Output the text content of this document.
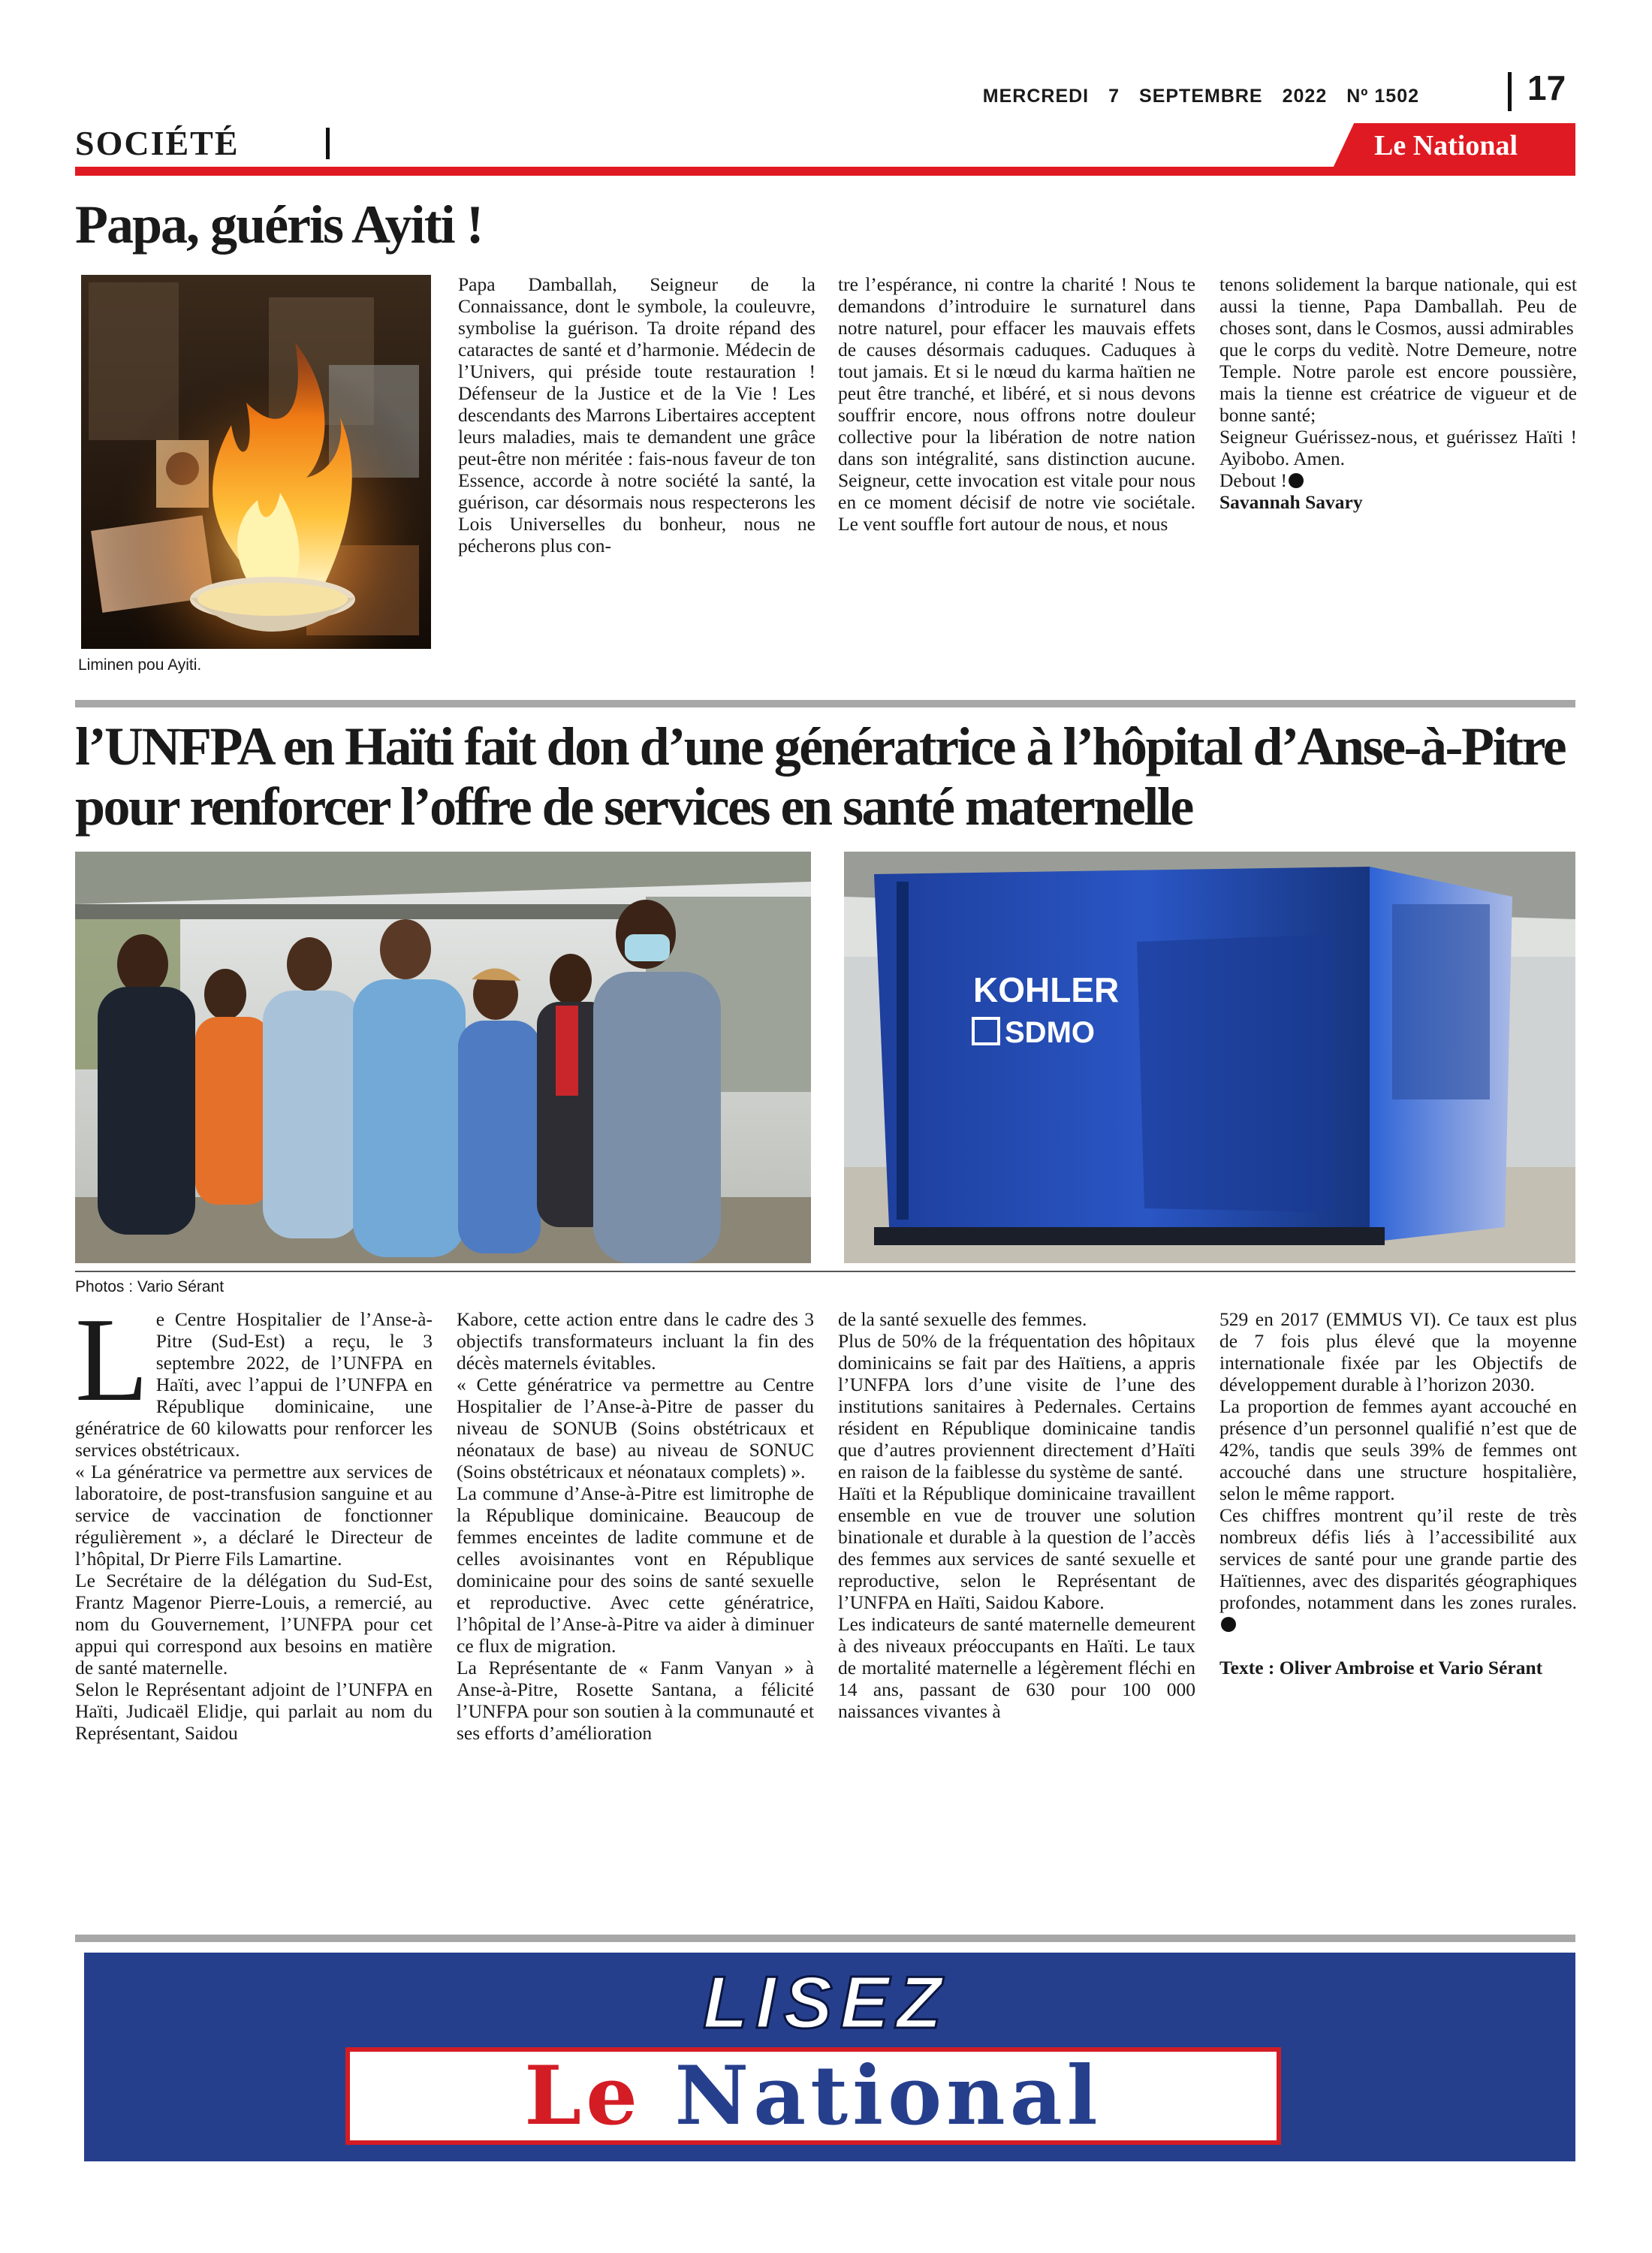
MERCREDI 7 SEPTEMBRE 2022 Nº 1502	17
SOCIÉTÉ	Le National
Papa, guéris Ayiti !
Liminen pou Ayiti.
Papa Damballah, Seigneur de la Connaissance, dont le symbole, la couleuvre, symbolise la guérison. Ta droite répand des cataractes de santé et d’harmonie. Médecin de l’Univers, qui préside toute restauration ! Défenseur de la Justice et de la Vie ! Les descendants des Marrons Libertaires acceptent leurs maladies, mais te demandent une grâce peut-être non méritée : fais-nous faveur de ton Essence, accorde à notre société la santé, la guérison, car désormais nous respecterons les Lois Universelles du bonheur, nous ne pécherons plus con-
tre l’espérance, ni contre la charité ! Nous te demandons d’introduire le surnaturel dans notre naturel, pour effacer les mauvais effets de causes désormais caduques. Caduques à tout jamais. Et si le nœud du karma haïtien ne peut être tranché, et libéré, et si nous devons souffrir encore, nous offrons notre douleur collective pour la libération de notre nation dans son intégralité, sans distinction aucune. Seigneur, cette invocation est vitale pour nous en ce moment décisif de notre vie sociétale. Le vent souffle fort autour de nous, et nous
tenons solidement la barque nationale, qui est aussi la tienne, Papa Damballah. Peu de choses sont, dans le Cosmos, aussi admirables
que le corps du veditè. Notre Demeure, notre Temple. Notre parole est encore poussière, mais la tienne est créatrice de vigueur et de bonne santé;
Seigneur Guérissez-nous, et guérissez Haïti ! Ayibobo. Amen.
Debout !
Savannah Savary
l’UNFPA en Haïti fait don d’une génératrice à l’hôpital d’Anse-à-Pitre pour renforcer l’offre de services en santé maternelle
KOHLER
SDMO
Photos : Vario Sérant
L e Centre Hospitalier de l’Anse-à-Pitre (Sud-Est) a reçu, le 3 septembre 2022, de l’UNFPA en Haïti, avec l’appui de l’UNFPA en République dominicaine, une génératrice de 60 kilowatts pour renforcer les services obstétricaux.
« La génératrice va permettre aux services de laboratoire, de post-transfusion sanguine et au service de vaccination de fonctionner régulièrement », a déclaré le Directeur de l’hôpital, Dr Pierre Fils Lamartine.
Le Secrétaire de la délégation du Sud-Est, Frantz Magenor Pierre-Louis, a remercié, au nom du Gouvernement, l’UNFPA pour cet appui qui correspond aux besoins en matière de santé maternelle.
Selon le Représentant adjoint de l’UNFPA en Haïti, Judicaël Elidje, qui parlait au nom du Représentant, Saidou
Kabore, cette action entre dans le cadre des 3 objectifs transformateurs incluant la fin des décès maternels évitables.
« Cette génératrice va permettre au Centre Hospitalier de l’Anse-à-Pitre de passer du niveau de SONUB (Soins obstétricaux et néonataux de base) au niveau de SONUC (Soins obstétricaux et néonataux complets) ».
La commune d’Anse-à-Pitre est limitrophe de la République dominicaine. Beaucoup de femmes enceintes de ladite commune et de celles avoisinantes vont en République dominicaine pour des soins de santé sexuelle et reproductive. Avec cette génératrice, l’hôpital de l’Anse-à-Pitre va aider à diminuer ce flux de migration.
La Représentante de « Fanm Vanyan » à Anse-à-Pitre, Rosette Santana, a félicité l’UNFPA pour son soutien à la communauté et ses efforts d’amélioration
de la santé sexuelle des femmes.
Plus de 50% de la fréquentation des hôpitaux dominicains se fait par des Haïtiens, a appris l’UNFPA lors d’une visite de l’une des institutions sanitaires à Pedernales. Certains résident en République dominicaine tandis que d’autres proviennent directement d’Haïti en raison de la faiblesse du système de santé.
Haïti et la République dominicaine travaillent ensemble en vue de trouver une solution binationale et durable à la question de l’accès des femmes aux services de santé sexuelle et reproductive, selon le Représentant de l’UNFPA en Haïti, Saidou Kabore.
Les indicateurs de santé maternelle demeurent à des niveaux préoccupants en Haïti. Le taux de mortalité maternelle a légèrement fléchi en 14 ans, passant de 630 pour 100 000 naissances vivantes à
529 en 2017 (EMMUS VI). Ce taux est plus de 7 fois plus élevé que la moyenne internationale fixée par les Objectifs de développement durable à l’horizon 2030.
La proportion de femmes ayant accouché en présence d’un personnel qualifié n’est que de 42%, tandis que seuls 39% de femmes ont accouché dans une structure hospitalière, selon le même rapport.
Ces chiffres montrent qu’il reste de très nombreux défis liés à l’accessibilité aux services de santé pour une grande partie des Haïtiennes, avec des disparités géographiques profondes, notamment dans les zones rurales.
Texte : Oliver Ambroise et Vario Sérant
LISEZ
Le National
